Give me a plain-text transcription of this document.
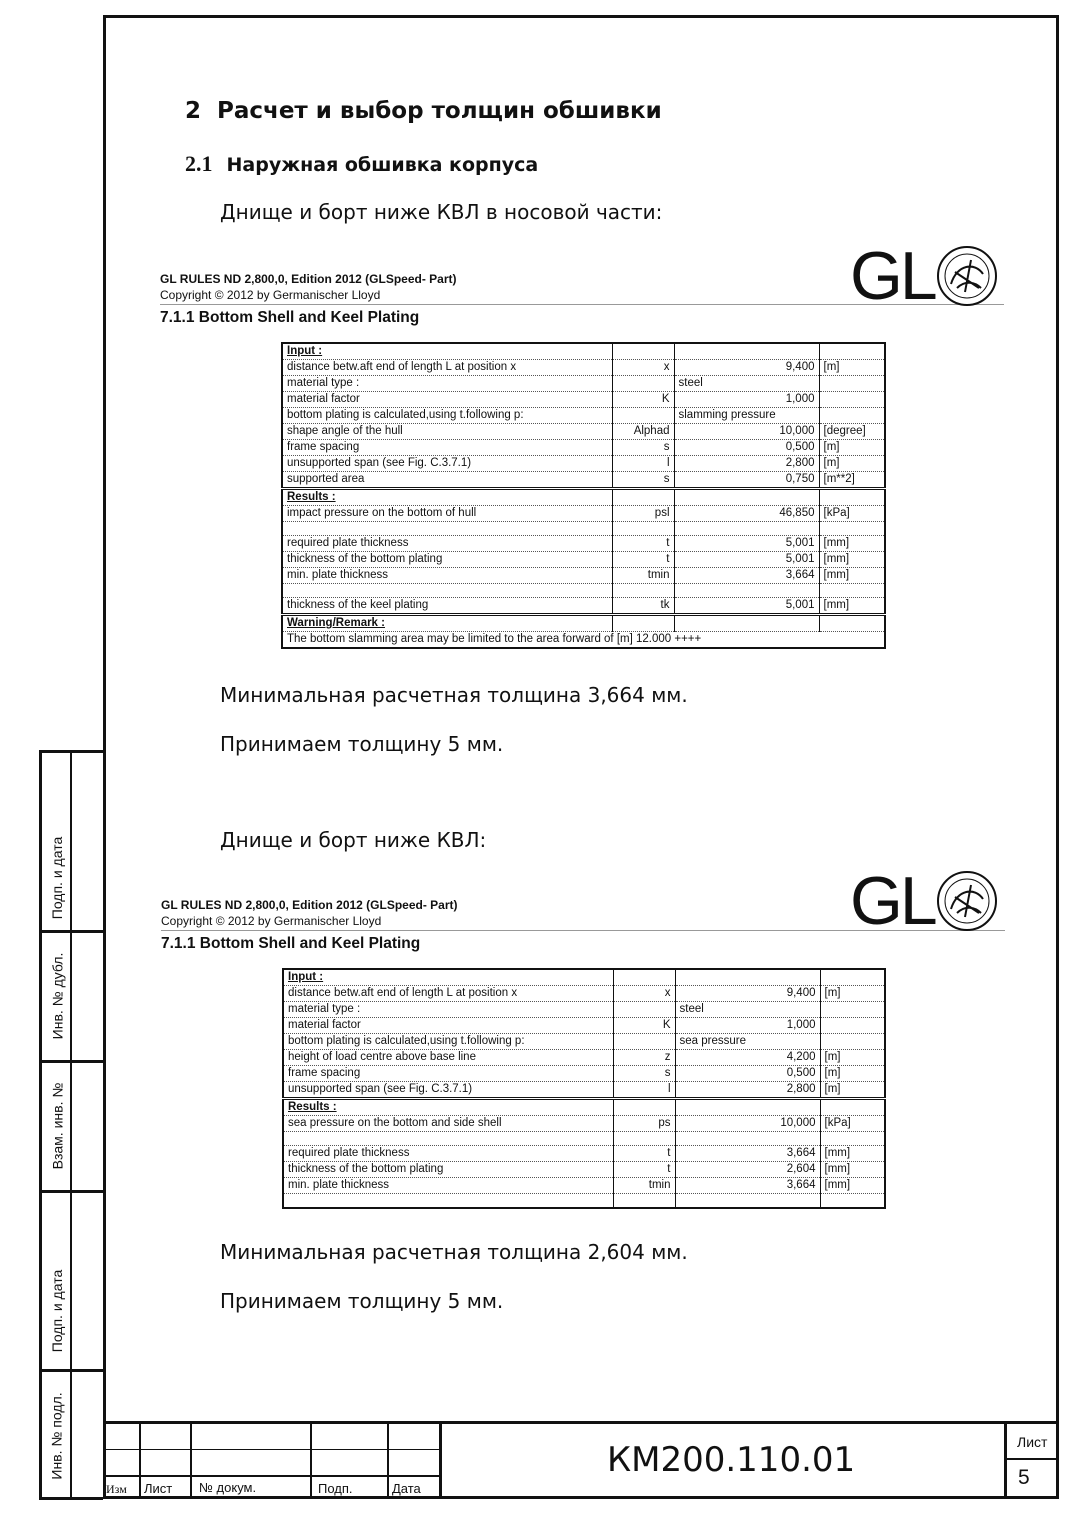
Подп. и дата
Инв. № дубл.
Взам. инв. №
Подп. и дата
Инв. № подл.
2 Расчет и выбор толщин обшивки
2.1 Наружная обшивка корпуса
Днище и борт ниже КВЛ в носовой части:
GL RULES ND 2,800,0, Edition 2012 (GLSpeed- Part)
Copyright © 2012 by Germanischer Lloyd
7.1.1 Bottom Shell and Keel Plating
GL
Input :			
distance betw.aft end of length L at position x	x	9,400	[m]
material type :		steel	
material factor	K	1,000	
bottom plating is calculated,using t.following p:		slamming pressure	
shape angle of the hull	Alphad	10,000	[degree]
frame spacing	s	0,500	[m]
unsupported span (see Fig. C.3.7.1)	l	2,800	[m]
supported area	s	0,750	[m**2]
Results :			
impact pressure on the bottom of hull	psl	46,850	[kPa]

required plate thickness	t	5,001	[mm]
thickness of the bottom plating	t	5,001	[mm]
min. plate thickness	tmin	3,664	[mm]

thickness of the keel plating	tk	5,001	[mm]
Warning/Remark :			
The bottom slamming area may be limited to the area forward of [m] 12.000 ++++			
Минимальная расчетная толщина 3,664 мм.
Принимаем толщину 5 мм.
Днище и борт ниже КВЛ:
GL RULES ND 2,800,0, Edition 2012 (GLSpeed- Part)
Copyright © 2012 by Germanischer Lloyd
7.1.1 Bottom Shell and Keel Plating
GL
Input :			
distance betw.aft end of length L at position x	x	9,400	[m]
material type :		steel	
material factor	K	1,000	
bottom plating is calculated,using t.following p:		sea pressure	
height of load centre above base line	z	4,200	[m]
frame spacing	s	0,500	[m]
unsupported span (see Fig. C.3.7.1)	l	2,800	[m]
Results :			
sea pressure on the bottom and side shell	ps	10,000	[kPa]

required plate thickness	t	3,664	[mm]
thickness of the bottom plating	t	2,604	[mm]
min. plate thickness	tmin	3,664	[mm]

Минимальная расчетная толщина 2,604 мм.
Принимаем толщину 5 мм.
Изм Лист № докум.	Подп.	Дата
КМ200.110.01	Лист
5
